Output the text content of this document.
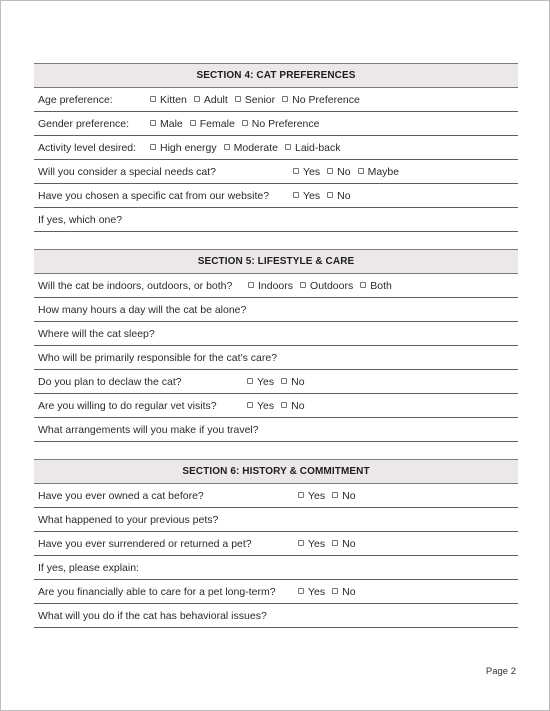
SECTION 4: CAT PREFERENCES
Age preference:	Kitten Adult Senior No Preference
Gender preference:	Male Female No Preference
Activity level desired:	High energy Moderate Laid-back
Will you consider a special needs cat?	Yes No Maybe
Have you chosen a specific cat from our website?	Yes No
If yes, which one?
SECTION 5: LIFESTYLE & CARE
Will the cat be indoors, outdoors, or both?	Indoors Outdoors Both
How many hours a day will the cat be alone?
Where will the cat sleep?
Who will be primarily responsible for the cat’s care?
Do you plan to declaw the cat?	Yes No
Are you willing to do regular vet visits?	Yes No
What arrangements will you make if you travel?
SECTION 6: HISTORY & COMMITMENT
Have you ever owned a cat before?	Yes No
What happened to your previous pets?
Have you ever surrendered or returned a pet?	Yes No
If yes, please explain:
Are you financially able to care for a pet long-term?	Yes No
What will you do if the cat has behavioral issues?
Page 2
